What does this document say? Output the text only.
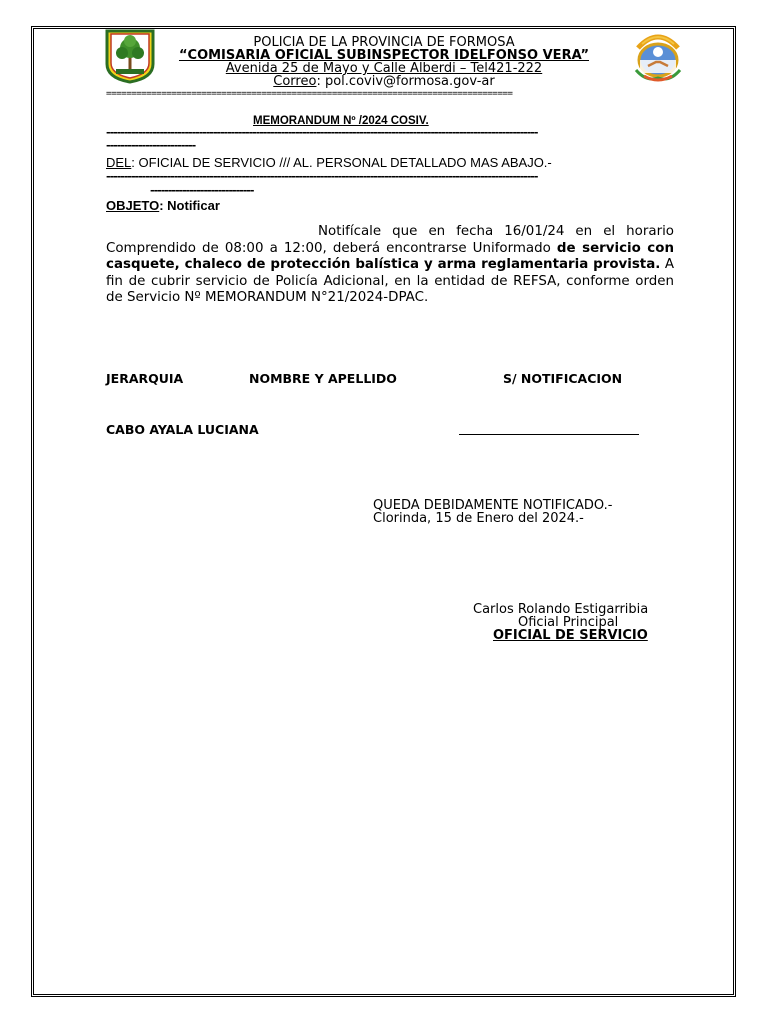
POLICIA DE LA PROVINCIA DE FORMOSA
“COMISARIA OFICIAL SUBINSPECTOR IDELFONSO VERA”
Avenida 25 de Mayo y Calle Alberdi – Tel421-222
Correo: pol.coviv@formosa.gov-ar
=================================================================================
MEMORANDUM Nº /2024 COSIV.
-------------------------------------------------------------------------------------------------------------------------
-------------------------
DEL: OFICIAL DE SERVICIO /// AL. PERSONAL DETALLADO MAS ABAJO.-
-------------------------------------------------------------------------------------------------------------------------
-----------------------------
OBJETO: Notificar
Notifícale que en fecha 16/01/24 en el horario Comprendido de 08:00 a 12:00, deberá encontrarse Uniformado de servicio con casquete, chaleco de protección balística y arma reglamentaria provista. A fin de cubrir servicio de Policía Adicional, en la entidad de REFSA, conforme orden de Servicio Nº MEMORANDUM N°21/2024-DPAC.
JERARQUIA	NOMBRE Y APELLIDO	S/ NOTIFICACION
CABO AYALA LUCIANA
QUEDA DEBIDAMENTE NOTIFICADO.-
Clorinda, 15 de Enero del 2024.-
Carlos Rolando Estigarribia
Oficial Principal
OFICIAL DE SERVICIO
